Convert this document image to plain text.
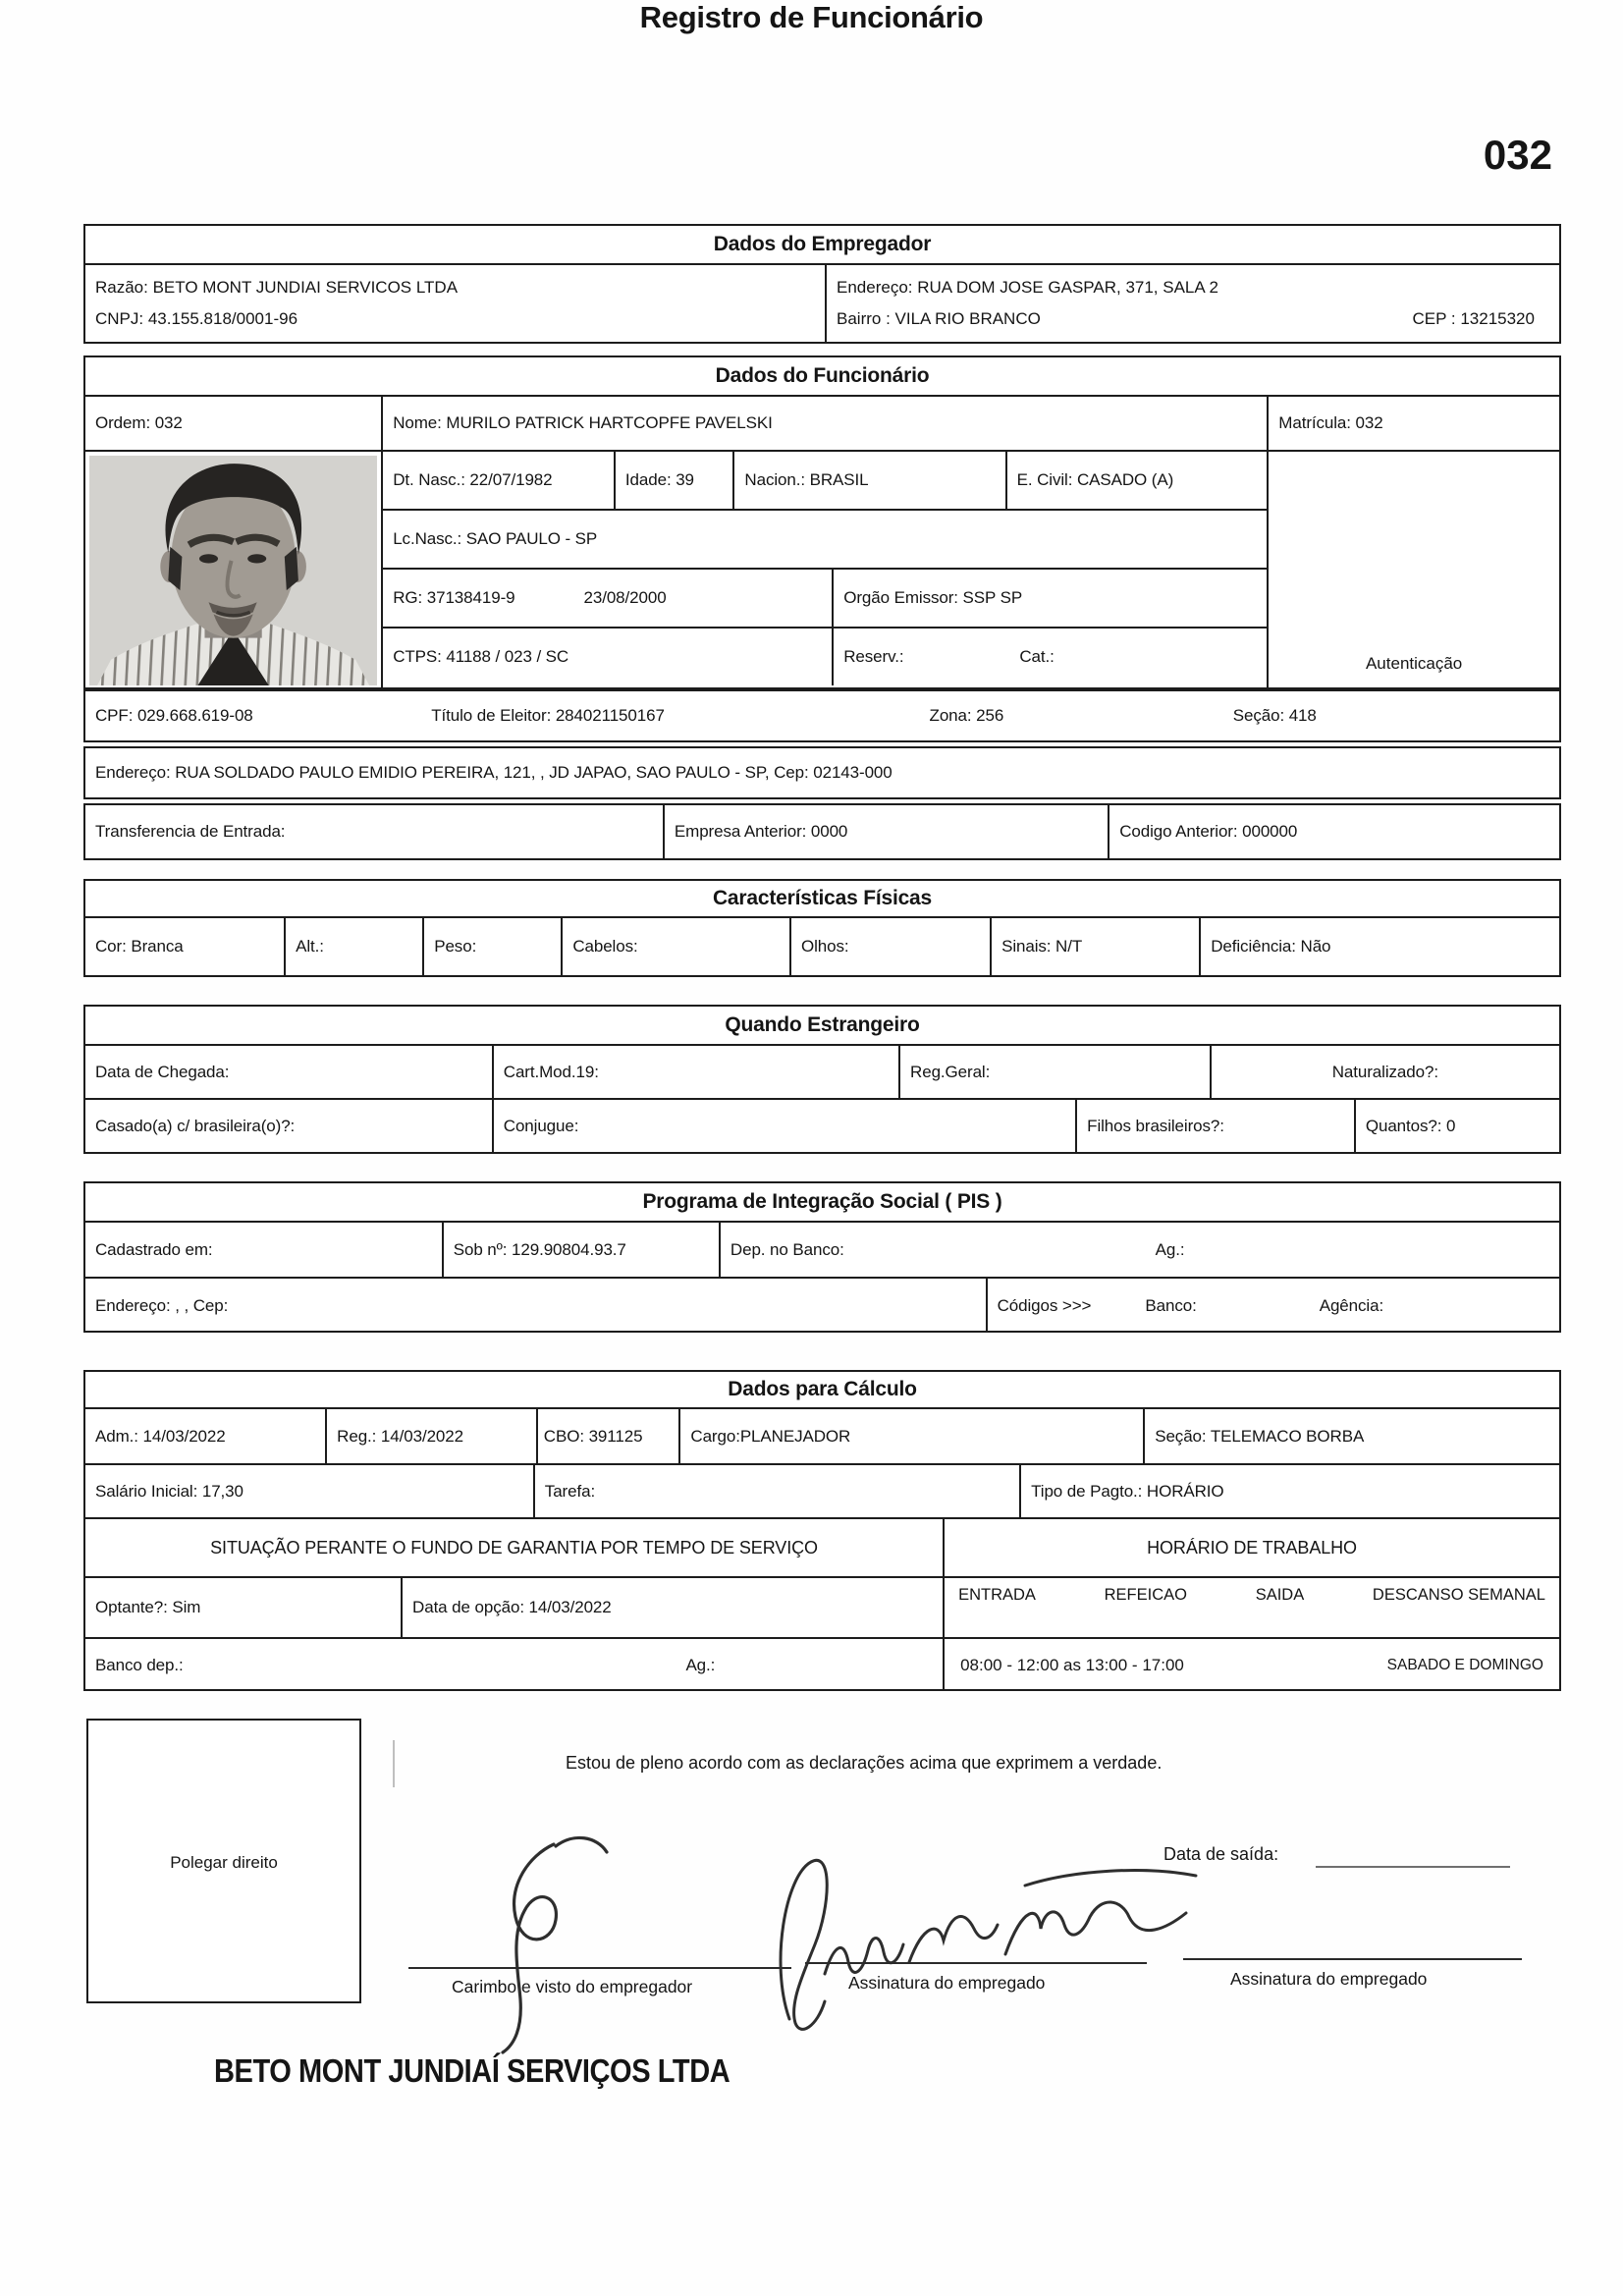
Registro de Funcionário
032
Dados do Empregador
Razão: BETO MONT JUNDIAI SERVICOS LTDA
CNPJ: 43.155.818/0001-96
Endereço: RUA DOM JOSE GASPAR, 371, SALA 2
Bairro : VILA RIO BRANCO	CEP : 13215320
Dados do Funcionário
Ordem: 032	Nome: MURILO PATRICK HARTCOPFE PAVELSKI	Matrícula: 032
Dt. Nasc.: 22/07/1982	Idade: 39	Nacion.: BRASIL	E. Civil: CASADO (A)
Lc.Nasc.: SAO PAULO - SP
RG: 37138419-9	23/08/2000	Orgão Emissor: SSP SP
CTPS: 41188 / 023 / SC	Reserv.:	Cat.:	Autenticação
CPF: 029.668.619-08	Título de Eleitor: 284021150167	Zona: 256	Seção: 418
Endereço: RUA SOLDADO PAULO EMIDIO PEREIRA, 121, , JD JAPAO, SAO PAULO - SP, Cep: 02143-000
Transferencia de Entrada:	Empresa Anterior: 0000	Codigo Anterior: 000000
Características Físicas
Cor: Branca	Alt.:	Peso:	Cabelos:	Olhos:	Sinais: N/T	Deficiência: Não
Quando Estrangeiro
Data de Chegada:	Cart.Mod.19:	Reg.Geral:	Naturalizado?:
Casado(a) c/ brasileira(o)?:	Conjugue:	Filhos brasileiros?:	Quantos?: 0
Programa de Integração Social ( PIS )
Cadastrado em:	Sob nº: 129.90804.93.7	Dep. no Banco:	Ag.:
Endereço: , , Cep:	Códigos >>>	Banco:	Agência:
Dados para Cálculo
Adm.: 14/03/2022	Reg.: 14/03/2022	CBO: 391125	Cargo:PLANEJADOR	Seção: TELEMACO BORBA
Salário Inicial: 17,30	Tarefa:	Tipo de Pagto.: HORÁRIO
SITUAÇÃO PERANTE O FUNDO DE GARANTIA POR TEMPO DE SERVIÇO	HORÁRIO DE TRABALHO
Optante?: Sim	Data de opção: 14/03/2022
ENTRADA	REFEICAO	SAIDA	DESCANSO SEMANAL
Banco dep.:	Ag.:	08:00 - 12:00 as 13:00 - 17:00	SABADO E DOMINGO
Polegar direito
Estou de pleno acordo com as declarações acima que exprimem a verdade.
Data de saída:
Carimbo e visto do empregador	Assinatura do empregado	Assinatura do empregado
BETO MONT JUNDIAÍ SERVIÇOS LTDA
